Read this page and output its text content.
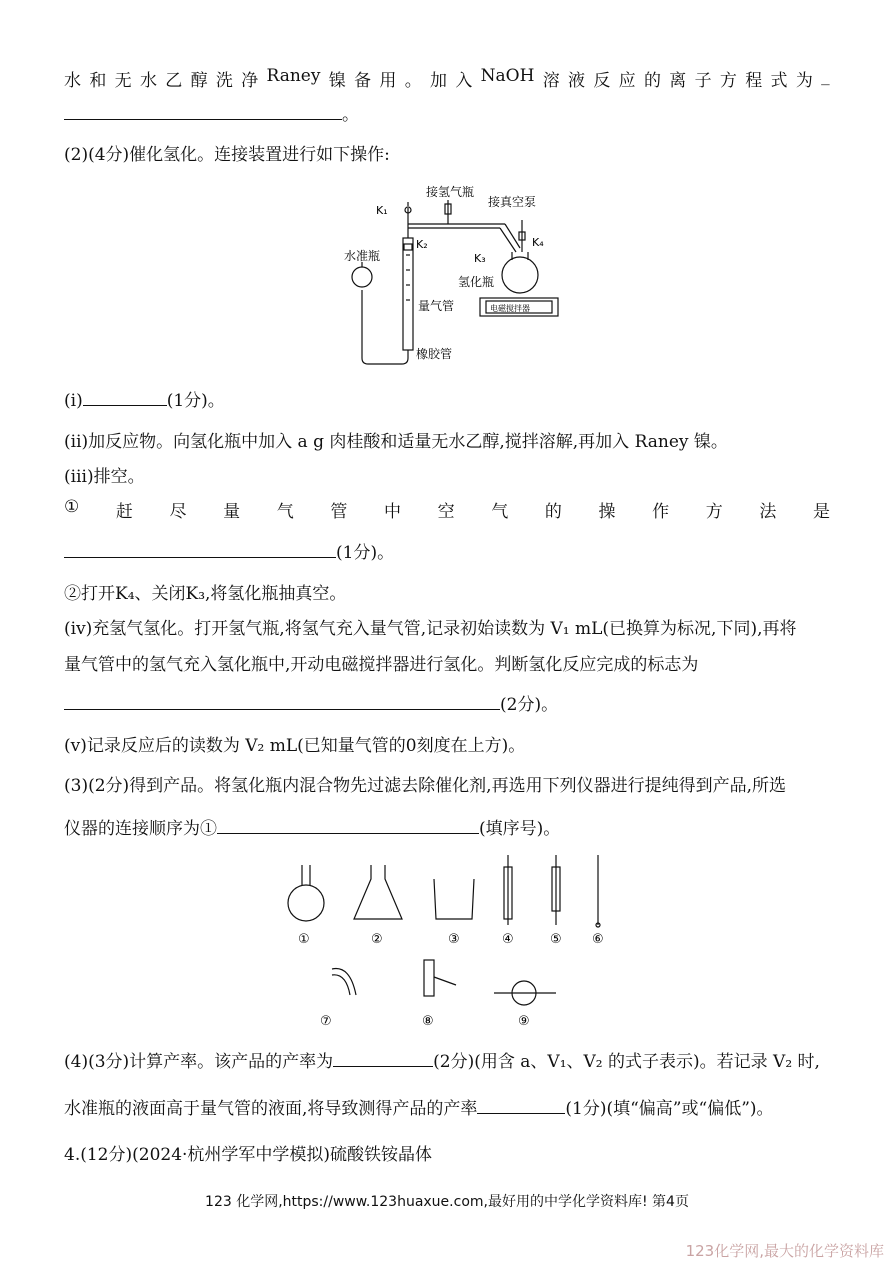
水 和 无 水 乙 醇 洗 净 Raney 镍 备 用 。 加 入 NaOH 溶 液 反 应 的 离 子 方 程 式 为 _
。
(2)(4分)催化氢化。连接装置进行如下操作:
K₁
K₂
K₃
K₄
接氢气瓶
接真空泵
水准瓶
氢化瓶
量气管
橡胶管
电磁搅拌器
(ⅰ)	(1分)。
(ⅱ)加反应物。向氢化瓶中加入 a g 肉桂酸和适量无水乙醇,搅拌溶解,再加入 Raney 镍。
(ⅲ)排空。
① 赶 尽 量 气 管 中 空 气 的 操 作 方 法 是
(1分)。
②打开K₄、关闭K₃,将氢化瓶抽真空。
(ⅳ)充氢气氢化。打开氢气瓶,将氢气充入量气管,记录初始读数为 V₁ mL(已换算为标况,下同),再将
量气管中的氢气充入氢化瓶中,开动电磁搅拌器进行氢化。判断氢化反应完成的标志为
(2分)。
(ⅴ)记录反应后的读数为 V₂ mL(已知量气管的0刻度在上方)。
(3)(2分)得到产品。将氢化瓶内混合物先过滤去除催化剂,再选用下列仪器进行提纯得到产品,所选
仪器的连接顺序为①	(填序号)。
①	②	③	④	⑤ ⑥
⑦	⑧	⑨
(4)(3分)计算产率。该产品的产率为	(2分)(用含 a、V₁、V₂ 的式子表示)。若记录 V₂ 时,
水准瓶的液面高于量气管的液面,将导致测得产品的产率	(1分)(填“偏高”或“偏低”)。
4.(12分)(2024·杭州学军中学模拟)硫酸铁铵晶体
123 化学网,https://www.123huaxue.com,最好用的中学化学资料库! 第4页
123化学网,最大的化学资料库
